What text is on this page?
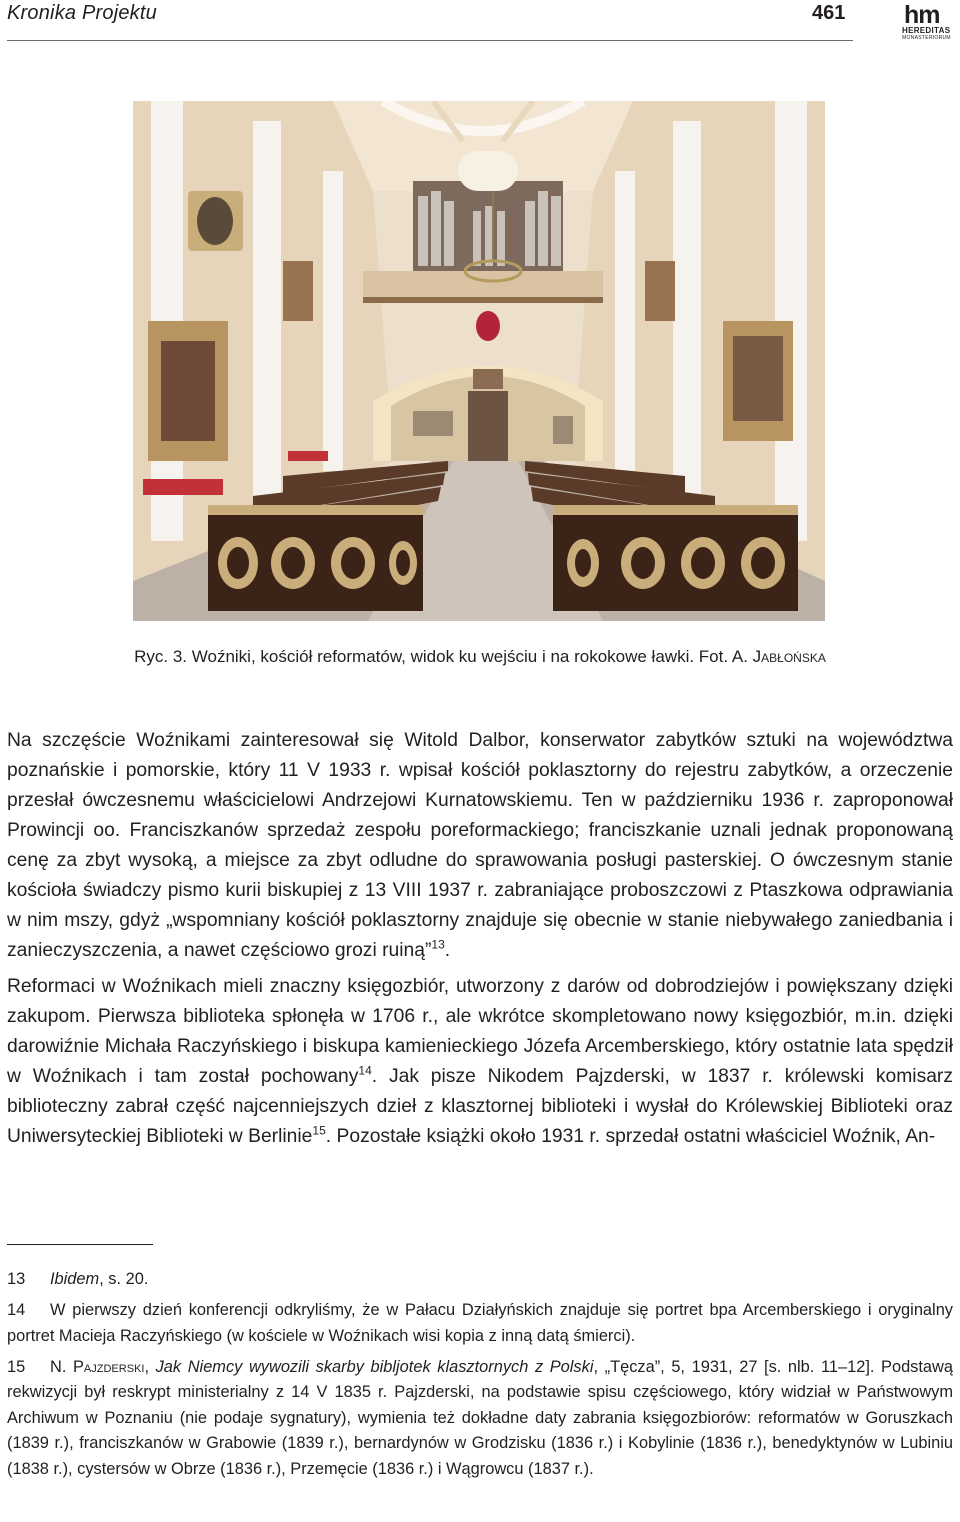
Kronika Projektu	461 hm
HEREDITAS
MONASTERIORUM
Ryc. 3. Woźniki, kościół reformatów, widok ku wejściu i na rokokowe ławki. Fot. A. Jabłońska

Na szczęście Woźnikami zainteresował się Witold Dalbor, konserwator zabytków sztuki na województwa poznańskie i pomorskie, który 11 V 1933 r. wpisał kościół poklasztorny do rejestru zabytków, a orzeczenie przesłał ówczesnemu właścicielowi Andrzejowi Kurnatowskiemu. Ten w październiku 1936 r. zaproponował Prowincji oo. Franciszkanów sprzedaż zespołu poreformackiego; franciszkanie uznali jednak proponowaną cenę za zbyt wysoką, a miejsce za zbyt odludne do sprawowania posługi pasterskiej. O ówczesnym stanie kościoła świadczy pismo kurii biskupiej z 13 VIII 1937 r. zabraniające proboszczowi z Ptaszkowa odprawiania w nim mszy, gdyż „wspomniany kościół poklasztorny znajduje się obecnie w stanie niebywałego zaniedbania i zanieczyszczenia, a nawet częściowo grozi ruiną”$^{13}$.

Reformaci w Woźnikach mieli znaczny księgozbiór, utworzony z darów od dobrodziejów i powiększany dzięki zakupom. Pierwsza biblioteka spłonęła w 1706 r., ale wkrótce skompletowano nowy księgozbiór, m.in. dzięki darowiźnie Michała Raczyńskiego i biskupa kamienieckiego Józefa Arcemberskiego, który ostatnie lata spędził w Woźnikach i tam został pochowany$^{14}$. Jak pisze Nikodem Pajzderski, w 1837 r. królewski komisarz biblioteczny zabrał część najcenniejszych dzieł z klasztornej biblioteki i wysłał do Królewskiej Biblioteki oraz Uniwersyteckiej Biblioteki w Berlinie$^{15}$. Pozostałe książki około 1931 r. sprzedał ostatni właściciel Woźnik, An-

13 Ibidem, s. 20.

14 W pierwszy dzień konferencji odkryliśmy, że w Pałacu Działyńskich znajduje się portret bpa Arcemberskiego i oryginalny portret Macieja Raczyńskiego (w kościele w Woźnikach wisi kopia z inną datą śmierci).

15 N. Pajzderski, Jak Niemcy wywozili skarby bibljotek klasztornych z Polski, „Tęcza”, 5, 1931, 27 [s. nlb. 11–12]. Podstawą rekwizycji był reskrypt ministerialny z 14 V 1835 r. Pajzderski, na podstawie spisu częściowego, który widział w Państwowym Archiwum w Poznaniu (nie podaje sygnatury), wymienia też dokładne daty zabrania księgozbiorów: reformatów w Goruszkach (1839 r.), franciszkanów w Grabowie (1839 r.), bernardynów w Grodzisku (1836 r.) i Kobylinie (1836 r.), benedyktynów w Lubiniu (1838 r.), cystersów w Obrze (1836 r.), Przemęcie (1836 r.) i Wągrowcu (1837 r.).
